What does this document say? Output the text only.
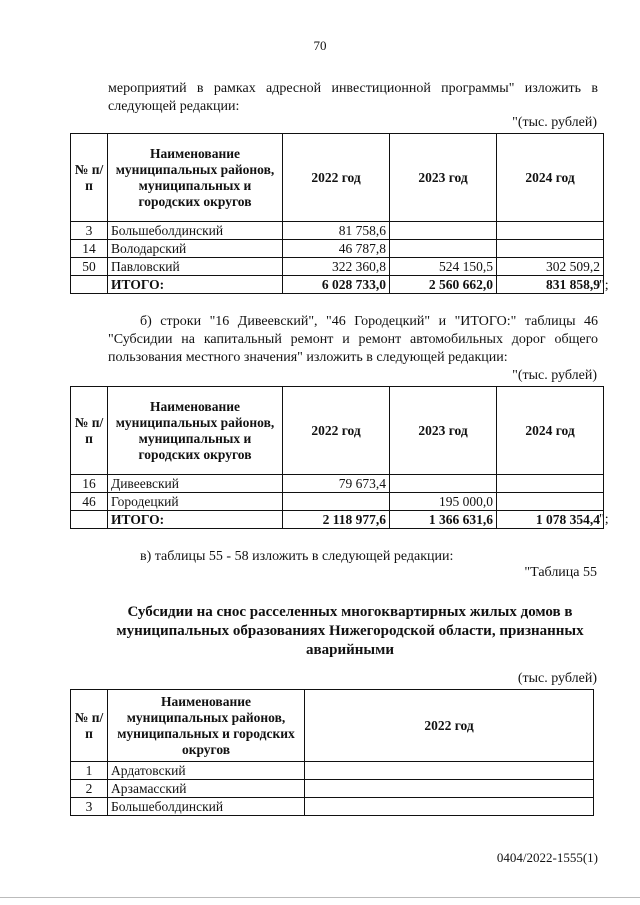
70
мероприятий в рамках адресной инвестиционной программы" изложить в следующей редакции:
"(тыс. рублей)
№ п/п	Наименование муниципальных районов, муниципальных и городских округов	2022 год	2023 год	2024 год
3	Большеболдинский	81 758,6		
14	Володарский	46 787,8		
50	Павловский	322 360,8	524 150,5	302 509,2
	ИТОГО:	6 028 733,0	2 560 662,0	831 858,9 ";
б) строки "16 Дивеевский", "46 Городецкий" и "ИТОГО:" таблицы 46 "Субсидии на капитальный ремонт и ремонт автомобильных дорог общего пользования местного значения" изложить в следующей редакции:
"(тыс. рублей)
№ п/п	Наименование муниципальных районов, муниципальных и городских округов	2022 год	2023 год	2024 год
16	Дивеевский	79 673,4		
46	Городецкий		195 000,0	
	ИТОГО:	2 118 977,6	1 366 631,6	1 078 354,4 ";
в) таблицы 55 - 58 изложить в следующей редакции:
"Таблица 55
Субсидии на снос расселенных многоквартирных жилых домов в муниципальных образованиях Нижегородской области, признанных аварийными
(тыс. рублей)
№ п/п	Наименование муниципальных районов, муниципальных и городских округов	2022 год
1	Ардатовский	
2	Арзамасский	
3	Большеболдинский	
0404/2022-1555(1)
